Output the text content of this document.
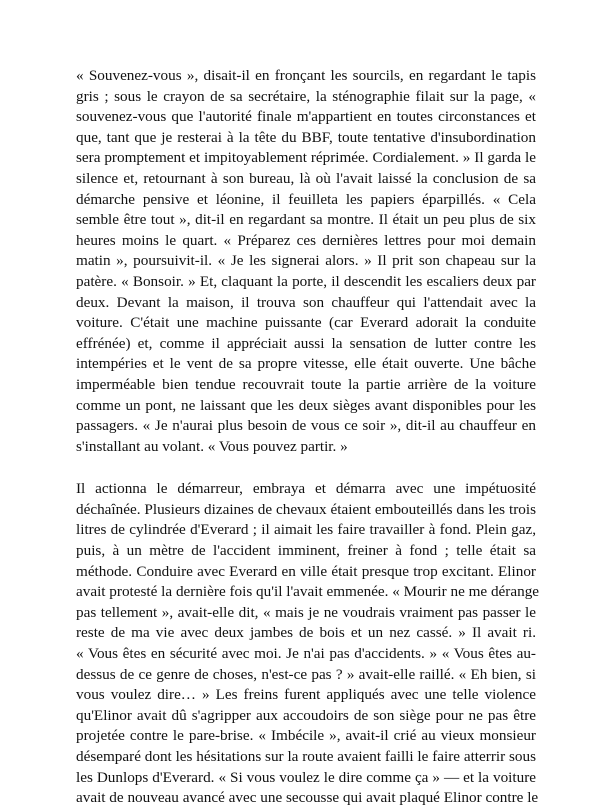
« Souvenez-vous », disait-il en fronçant les sourcils, en regardant le tapis
gris ; sous le crayon de sa secrétaire, la sténographie filait sur la page, «
souvenez-vous que l'autorité finale m'appartient en toutes circonstances et
que, tant que je resterai à la tête du BBF, toute tentative d'insubordination
sera promptement et impitoyablement réprimée. Cordialement. » Il garda le
silence et, retournant à son bureau, là où l'avait laissé la conclusion de sa
démarche pensive et léonine, il feuilleta les papiers éparpillés. « Cela
semble être tout », dit-il en regardant sa montre. Il était un peu plus de six
heures moins le quart. « Préparez ces dernières lettres pour moi demain
matin », poursuivit-il. « Je les signerai alors. » Il prit son chapeau sur la
patère. « Bonsoir. » Et, claquant la porte, il descendit les escaliers deux par
deux. Devant la maison, il trouva son chauffeur qui l'attendait avec la
voiture. C'était une machine puissante (car Everard adorait la conduite
effrénée) et, comme il appréciait aussi la sensation de lutter contre les
intempéries et le vent de sa propre vitesse, elle était ouverte. Une bâche
imperméable bien tendue recouvrait toute la partie arrière de la voiture
comme un pont, ne laissant que les deux sièges avant disponibles pour les
passagers. « Je n'aurai plus besoin de vous ce soir », dit-il au chauffeur en
s'installant au volant. « Vous pouvez partir. »
Il actionna le démarreur, embraya et démarra avec une impétuosité
déchaînée. Plusieurs dizaines de chevaux étaient embouteillés dans les trois
litres de cylindrée d'Everard ; il aimait les faire travailler à fond. Plein gaz,
puis, à un mètre de l'accident imminent, freiner à fond ; telle était sa
méthode. Conduire avec Everard en ville était presque trop excitant. Elinor
avait protesté la dernière fois qu'il l'avait emmenée. « Mourir ne me dérange
pas tellement », avait-elle dit, « mais je ne voudrais vraiment pas passer le
reste de ma vie avec deux jambes de bois et un nez cassé. » Il avait ri.
« Vous êtes en sécurité avec moi. Je n'ai pas d'accidents. » « Vous êtes au-
dessus de ce genre de choses, n'est-ce pas ? » avait-elle raillé. « Eh bien, si
vous voulez dire… » Les freins furent appliqués avec une telle violence
qu'Elinor avait dû s'agripper aux accoudoirs de son siège pour ne pas être
projetée contre le pare-brise. « Imbécile », avait-il crié au vieux monsieur
désemparé dont les hésitations sur la route avaient failli le faire atterrir sous
les Dunlops d'Everard. « Si vous voulez le dire comme ça » — et la voiture
avait de nouveau avancé avec une secousse qui avait plaqué Elinor contre le
